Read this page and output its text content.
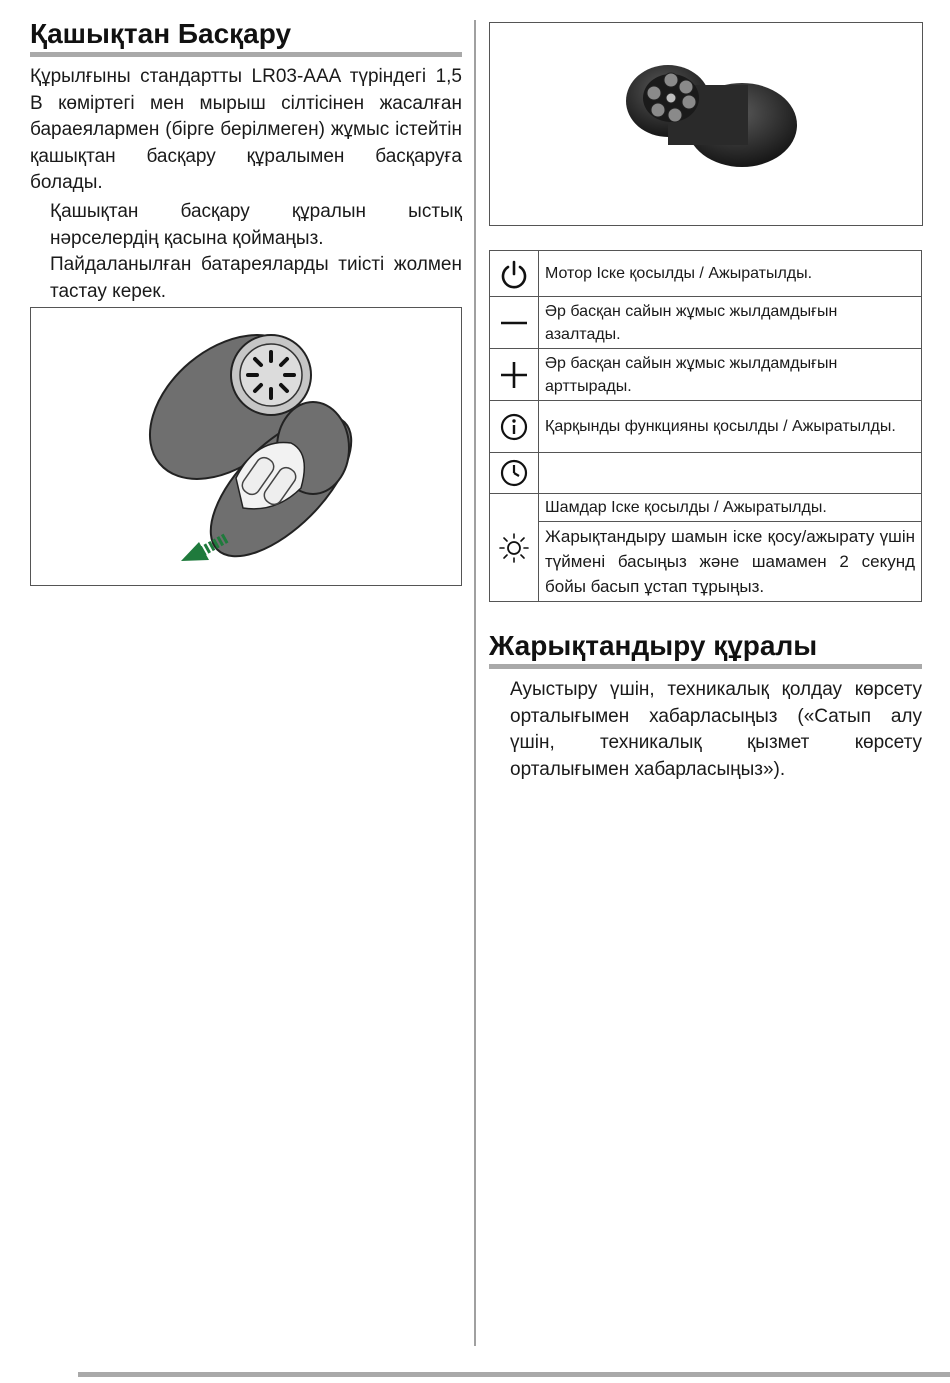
Қашықтан Басқару

Құрылғыны стандартты LR03-AAA түріндегі 1,5 В көміртегі мен мырыш сілтісінен жасалған бараеялармен (бірге берілмеген) жұмыс істейтін қашықтан басқару құралымен басқаруға болады.

Қашықтан басқару құралын ыстық нәрселердің қасына қоймаңыз.

Пайдаланылған батареяларды тиісті жолмен тастау керек.

	Мотор Іске қосылды / Ажыратылды.
	Әр басқан сайын жұмыс жылдамдығын азалтады.
	Әр басқан сайын жұмыс жылдамдығын арттырады.
	Қарқынды функцияны қосылды / Ажыратылды.

	Шамдар Іске қосылды / Ажыратылды.
	Жарықтандыру шамын іске қосу/ажырату үшін түймені басыңыз және шамамен 2 секунд бойы басып ұстап тұрыңыз.
Жарықтандыру құралы

Ауыстыру үшін, техникалық қолдау көрсету орталығымен хабарласыңыз («Сатып алу үшін, техникалық қызмет көрсету орталығымен хабарласыңыз»).
